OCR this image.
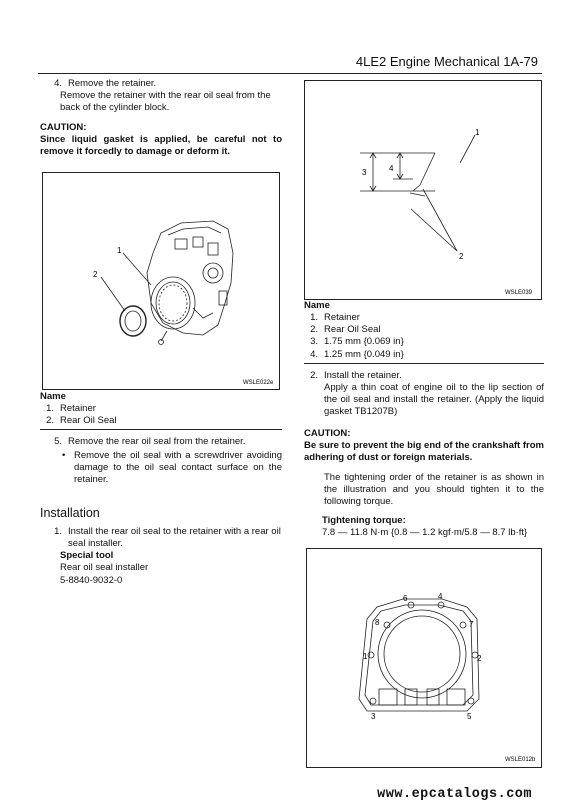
4LE2 Engine Mechanical 1A-79
4. Remove the retainer.
Remove the retainer with the rear oil seal from the back of the cylinder block.
CAUTION:
Since liquid gasket is applied, be careful not to remove it forcedly to damage or deform it.
1
2
WSLE022e
Name
1. Retainer
2. Rear Oil Seal
5. Remove the rear oil seal from the retainer.
• Remove the oil seal with a screwdriver avoiding damage to the oil seal contact surface on the retainer.
Installation
1. Install the rear oil seal to the retainer with a rear oil seal installer.
Special tool
Rear oil seal installer
5-8840-9032-0
1
2
3	4
WSLE039
Name
1. Retainer
2. Rear Oil Seal
3. 1.75 mm {0.069 in}
4. 1.25 mm {0.049 in}
2. Install the retainer.
Apply a thin coat of engine oil to the lip section of the oil seal and install the retainer. (Apply the liquid gasket TB1207B)
CAUTION:
Be sure to prevent the big end of the crankshaft from adhering of dust or foreign materials.
The tightening order of the retainer is as shown in the illustration and you should tighten it to the following torque.
Tightening torque:
7.8 — 11.8 N·m {0.8 — 1.2 kgf·m/5.8 — 8.7 lb·ft}
6	4
8	7
1	2
3	5
WSLE012b
www.epcatalogs.com
